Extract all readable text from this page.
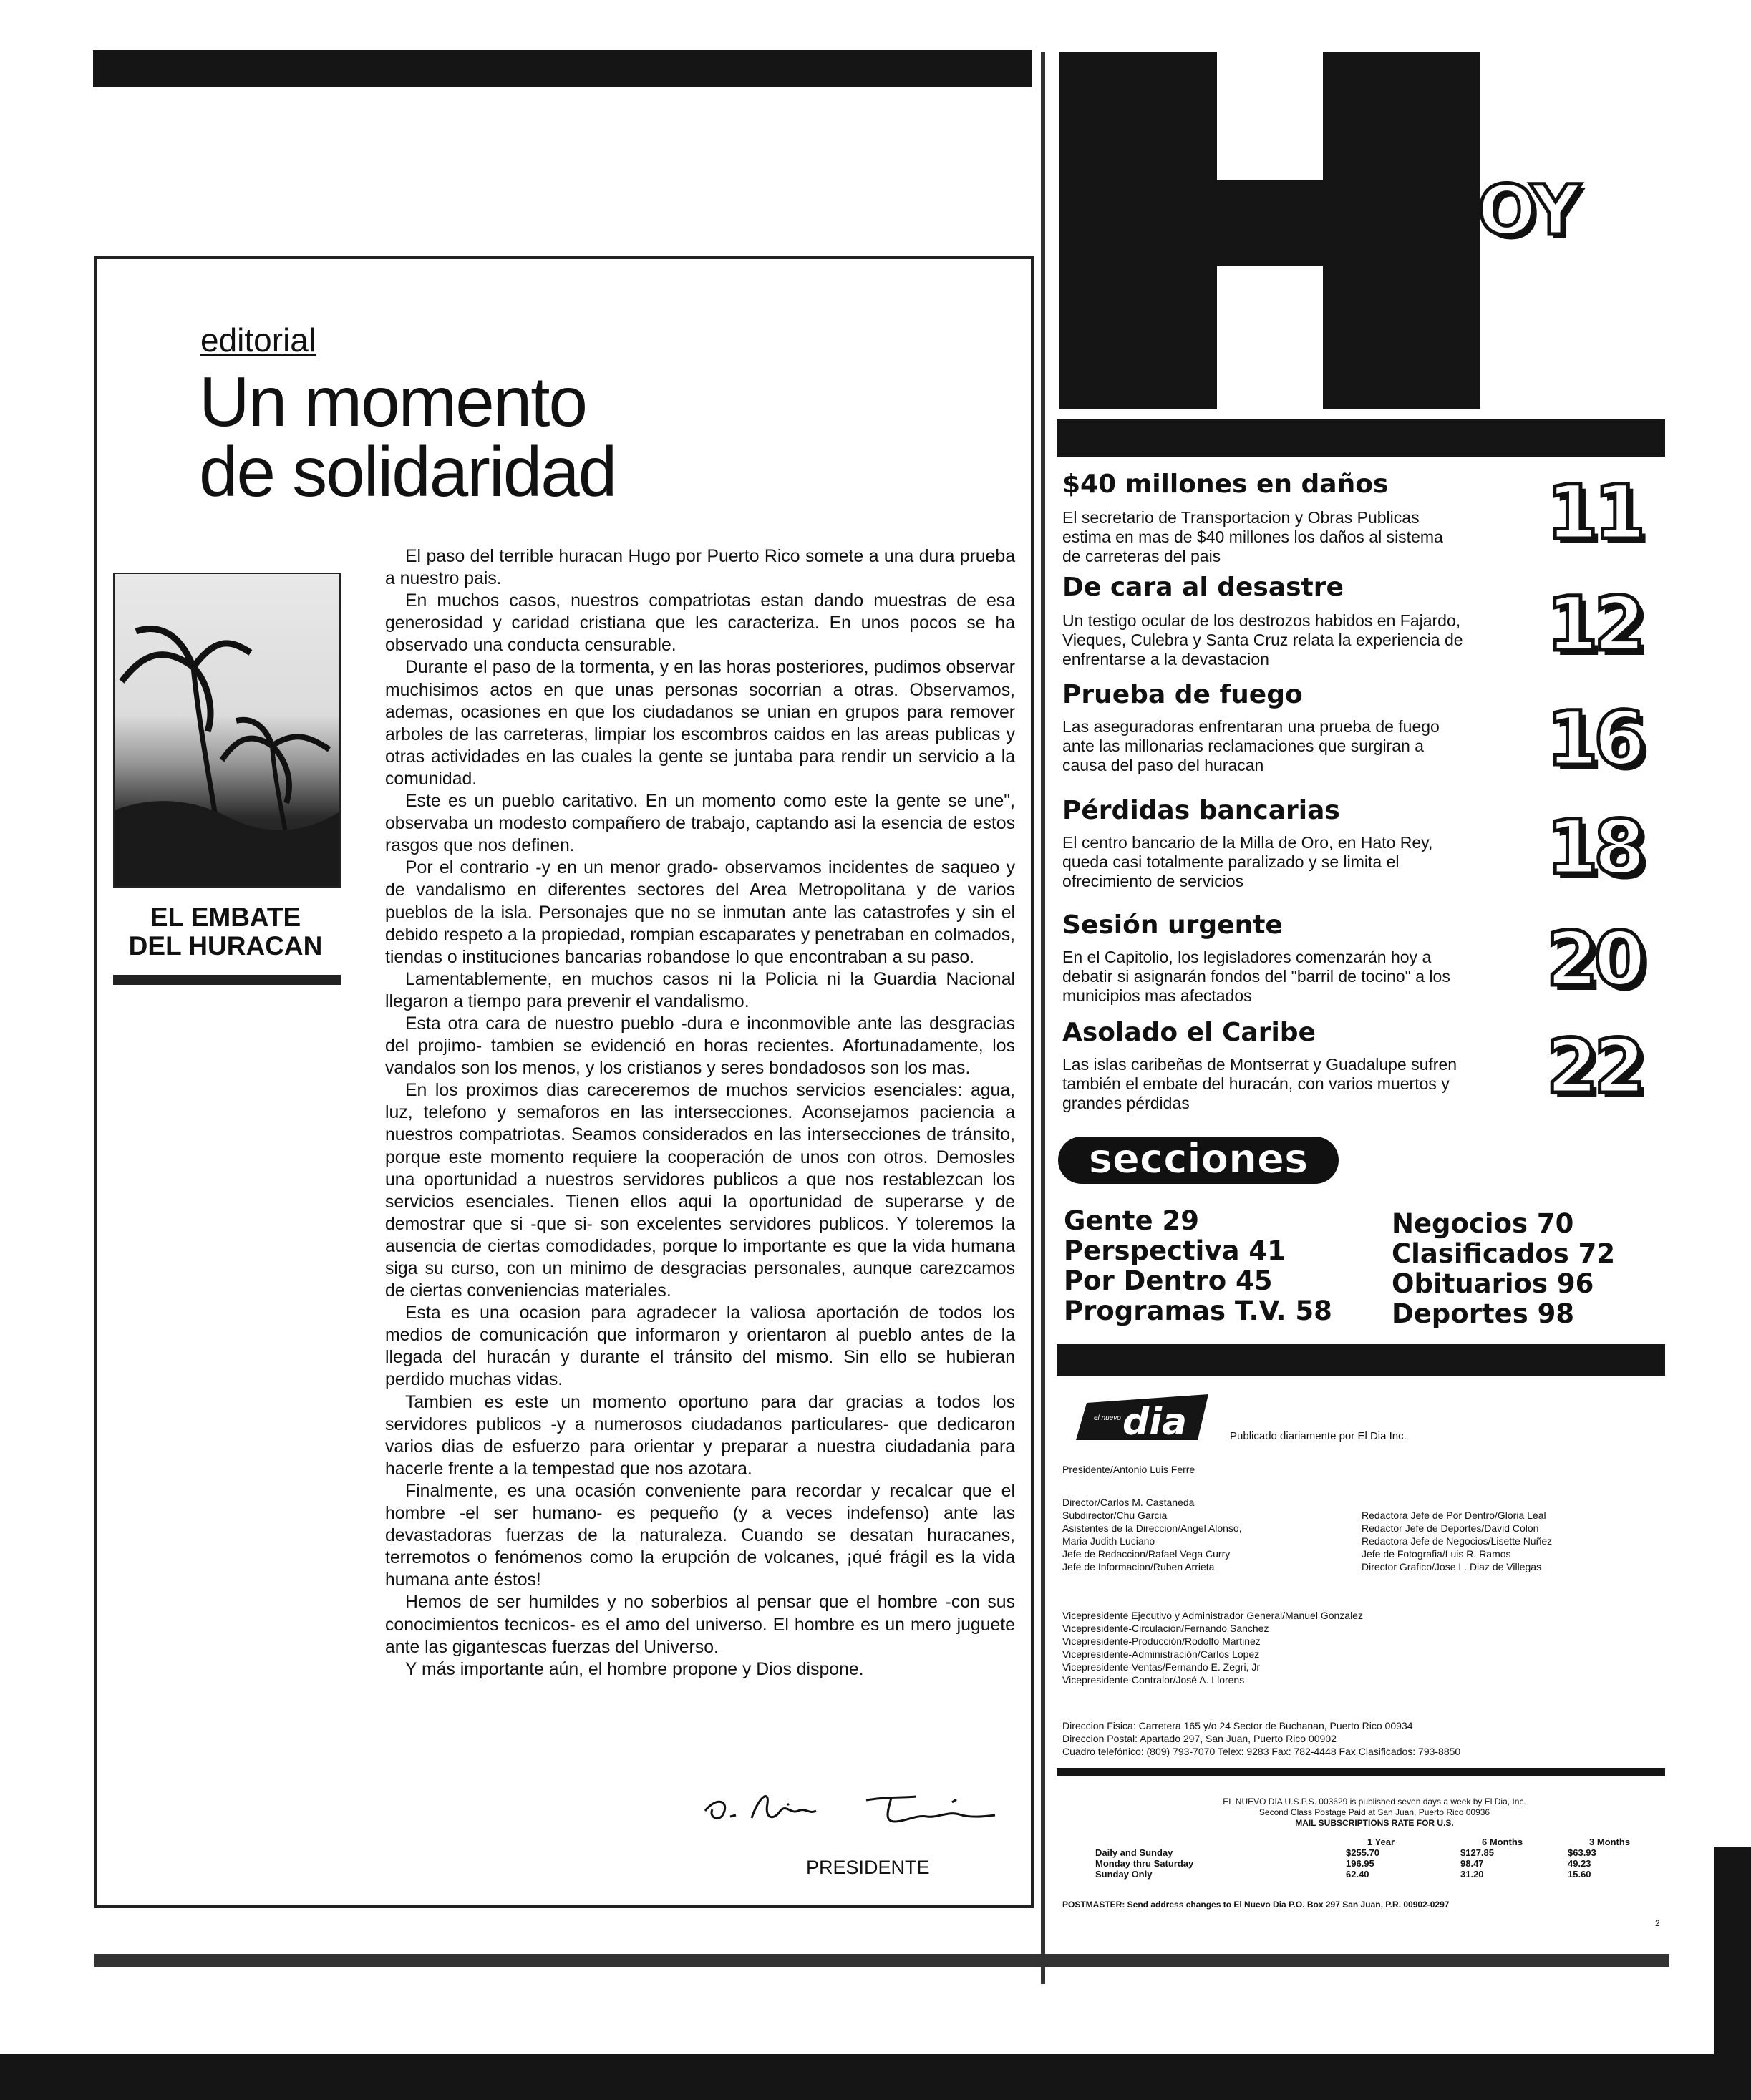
editorial
Un momento
de solidaridad
EL EMBATE
DEL HURACAN

El paso del terrible huracan Hugo por Puerto Rico somete a una dura prueba a nuestro pais.

En muchos casos, nuestros compatriotas estan dando muestras de esa generosidad y caridad cristiana que les caracteriza. En unos pocos se ha observado una conducta censurable.

Durante el paso de la tormenta, y en las horas posteriores, pudimos observar muchisimos actos en que unas personas socorrian a otras. Observamos, ademas, ocasiones en que los ciudadanos se unian en grupos para remover arboles de las carreteras, limpiar los escombros caidos en las areas publicas y otras actividades en las cuales la gente se juntaba para rendir un servicio a la comunidad.

Este es un pueblo caritativo. En un momento como este la gente se une", observaba un modesto compañero de trabajo, captando asi la esencia de estos rasgos que nos definen.

Por el contrario -y en un menor grado- observamos incidentes de saqueo y de vandalismo en diferentes sectores del Area Metropolitana y de varios pueblos de la isla. Personajes que no se inmutan ante las catastrofes y sin el debido respeto a la propiedad, rompian escaparates y penetraban en colmados, tiendas o instituciones bancarias robandose lo que encontraban a su paso.

Lamentablemente, en muchos casos ni la Policia ni la Guardia Nacional llegaron a tiempo para prevenir el vandalismo.

Esta otra cara de nuestro pueblo -dura e inconmovible ante las desgracias del projimo- tambien se evidenció en horas recientes. Afortunadamente, los vandalos son los menos, y los cristianos y seres bondadosos son los mas.

En los proximos dias careceremos de muchos servicios esenciales: agua, luz, telefono y semaforos en las intersecciones. Aconsejamos paciencia a nuestros compatriotas. Seamos considerados en las intersecciones de tránsito, porque este momento requiere la cooperación de unos con otros. Demosles una oportunidad a nuestros servidores publicos a que nos restablezcan los servicios esenciales. Tienen ellos aqui la oportunidad de superarse y de demostrar que si -que si- son excelentes servidores publicos. Y toleremos la ausencia de ciertas comodidades, porque lo importante es que la vida humana siga su curso, con un minimo de desgracias personales, aunque carezcamos de ciertas conveniencias materiales.

Esta es una ocasion para agradecer la valiosa aportación de todos los medios de comunicación que informaron y orientaron al pueblo antes de la llegada del huracán y durante el tránsito del mismo. Sin ello se hubieran perdido muchas vidas.

Tambien es este un momento oportuno para dar gracias a todos los servidores publicos -y a numerosos ciudadanos particulares- que dedicaron varios dias de esfuerzo para orientar y preparar a nuestra ciudadania para hacerle frente a la tempestad que nos azotara.

Finalmente, es una ocasión conveniente para recordar y recalcar que el hombre -el ser humano- es pequeño (y a veces indefenso) ante las devastadoras fuerzas de la naturaleza. Cuando se desatan huracanes, terremotos o fenómenos como la erupción de volcanes, ¡qué frágil es la vida humana ante éstos!

Hemos de ser humildes y no soberbios al pensar que el hombre -con sus conocimientos tecnicos- es el amo del universo. El hombre es un mero juguete ante las gigantescas fuerzas del Universo.

Y más importante aún, el hombre propone y Dios dispone.

PRESIDENTE
OY
$40 millones en daños
El secretario de Transportacion y Obras Publicas estima en mas de $40 millones los daños al sistema de carreteras del pais	11
De cara al desastre
Un testigo ocular de los destrozos habidos en Fajardo, Vieques, Culebra y Santa Cruz relata la experiencia de enfrentarse a la devastacion	12
Prueba de fuego
Las aseguradoras enfrentaran una prueba de fuego ante las millonarias reclamaciones que surgiran a causa del paso del huracan	16
Pérdidas bancarias
El centro bancario de la Milla de Oro, en Hato Rey, queda casi totalmente paralizado y se limita el ofrecimiento de servicios	18
Sesión urgente
En el Capitolio, los legisladores comenzarán hoy a debatir si asignarán fondos del "barril de tocino" a los municipios mas afectados	20
Asolado el Caribe
Las islas caribeñas de Montserrat y Guadalupe sufren también el embate del huracán, con varios muertos y grandes pérdidas	22
secciones
Gente 29
Perspectiva 41
Por Dentro 45
Programas T.V. 58
Negocios 70
Clasificados 72
Obituarios 96
Deportes 98
el nuevo dia	Publicado diariamente por El Dia Inc.
Presidente/Antonio Luis Ferre
Director/Carlos M. Castaneda
Subdirector/Chu Garcia
Asistentes de la Direccion/Angel Alonso,
Maria Judith Luciano
Jefe de Redaccion/Rafael Vega Curry
Jefe de Informacion/Ruben Arrieta
Redactora Jefe de Por Dentro/Gloria Leal
Redactor Jefe de Deportes/David Colon
Redactora Jefe de Negocios/Lisette Nuñez
Jefe de Fotografia/Luis R. Ramos
Director Grafico/Jose L. Diaz de Villegas
Vicepresidente Ejecutivo y Administrador General/Manuel Gonzalez
Vicepresidente-Circulación/Fernando Sanchez
Vicepresidente-Producción/Rodolfo Martinez
Vicepresidente-Administración/Carlos Lopez
Vicepresidente-Ventas/Fernando E. Zegri, Jr
Vicepresidente-Contralor/José A. Llorens
Direccion Fisica: Carretera 165 y/o 24 Sector de Buchanan, Puerto Rico 00934
Direccion Postal: Apartado 297, San Juan, Puerto Rico 00902
Cuadro telefónico: (809) 793-7070 Telex: 9283 Fax: 782-4448 Fax Clasificados: 793-8850
EL NUEVO DIA U.S.P.S. 003629 is published seven days a week by El Dia, Inc.
Second Class Postage Paid at San Juan, Puerto Rico 00936
MAIL SUBSCRIPTIONS RATE FOR U.S.
1 Year	6 Months	3 Months
Daily and Sunday	$255.70	$127.85	$63.93
Monday thru Saturday	196.95	98.47	49.23
Sunday Only	62.40	31.20	15.60
POSTMASTER: Send address changes to El Nuevo Dia P.O. Box 297 San Juan, P.R. 00902-0297
2
